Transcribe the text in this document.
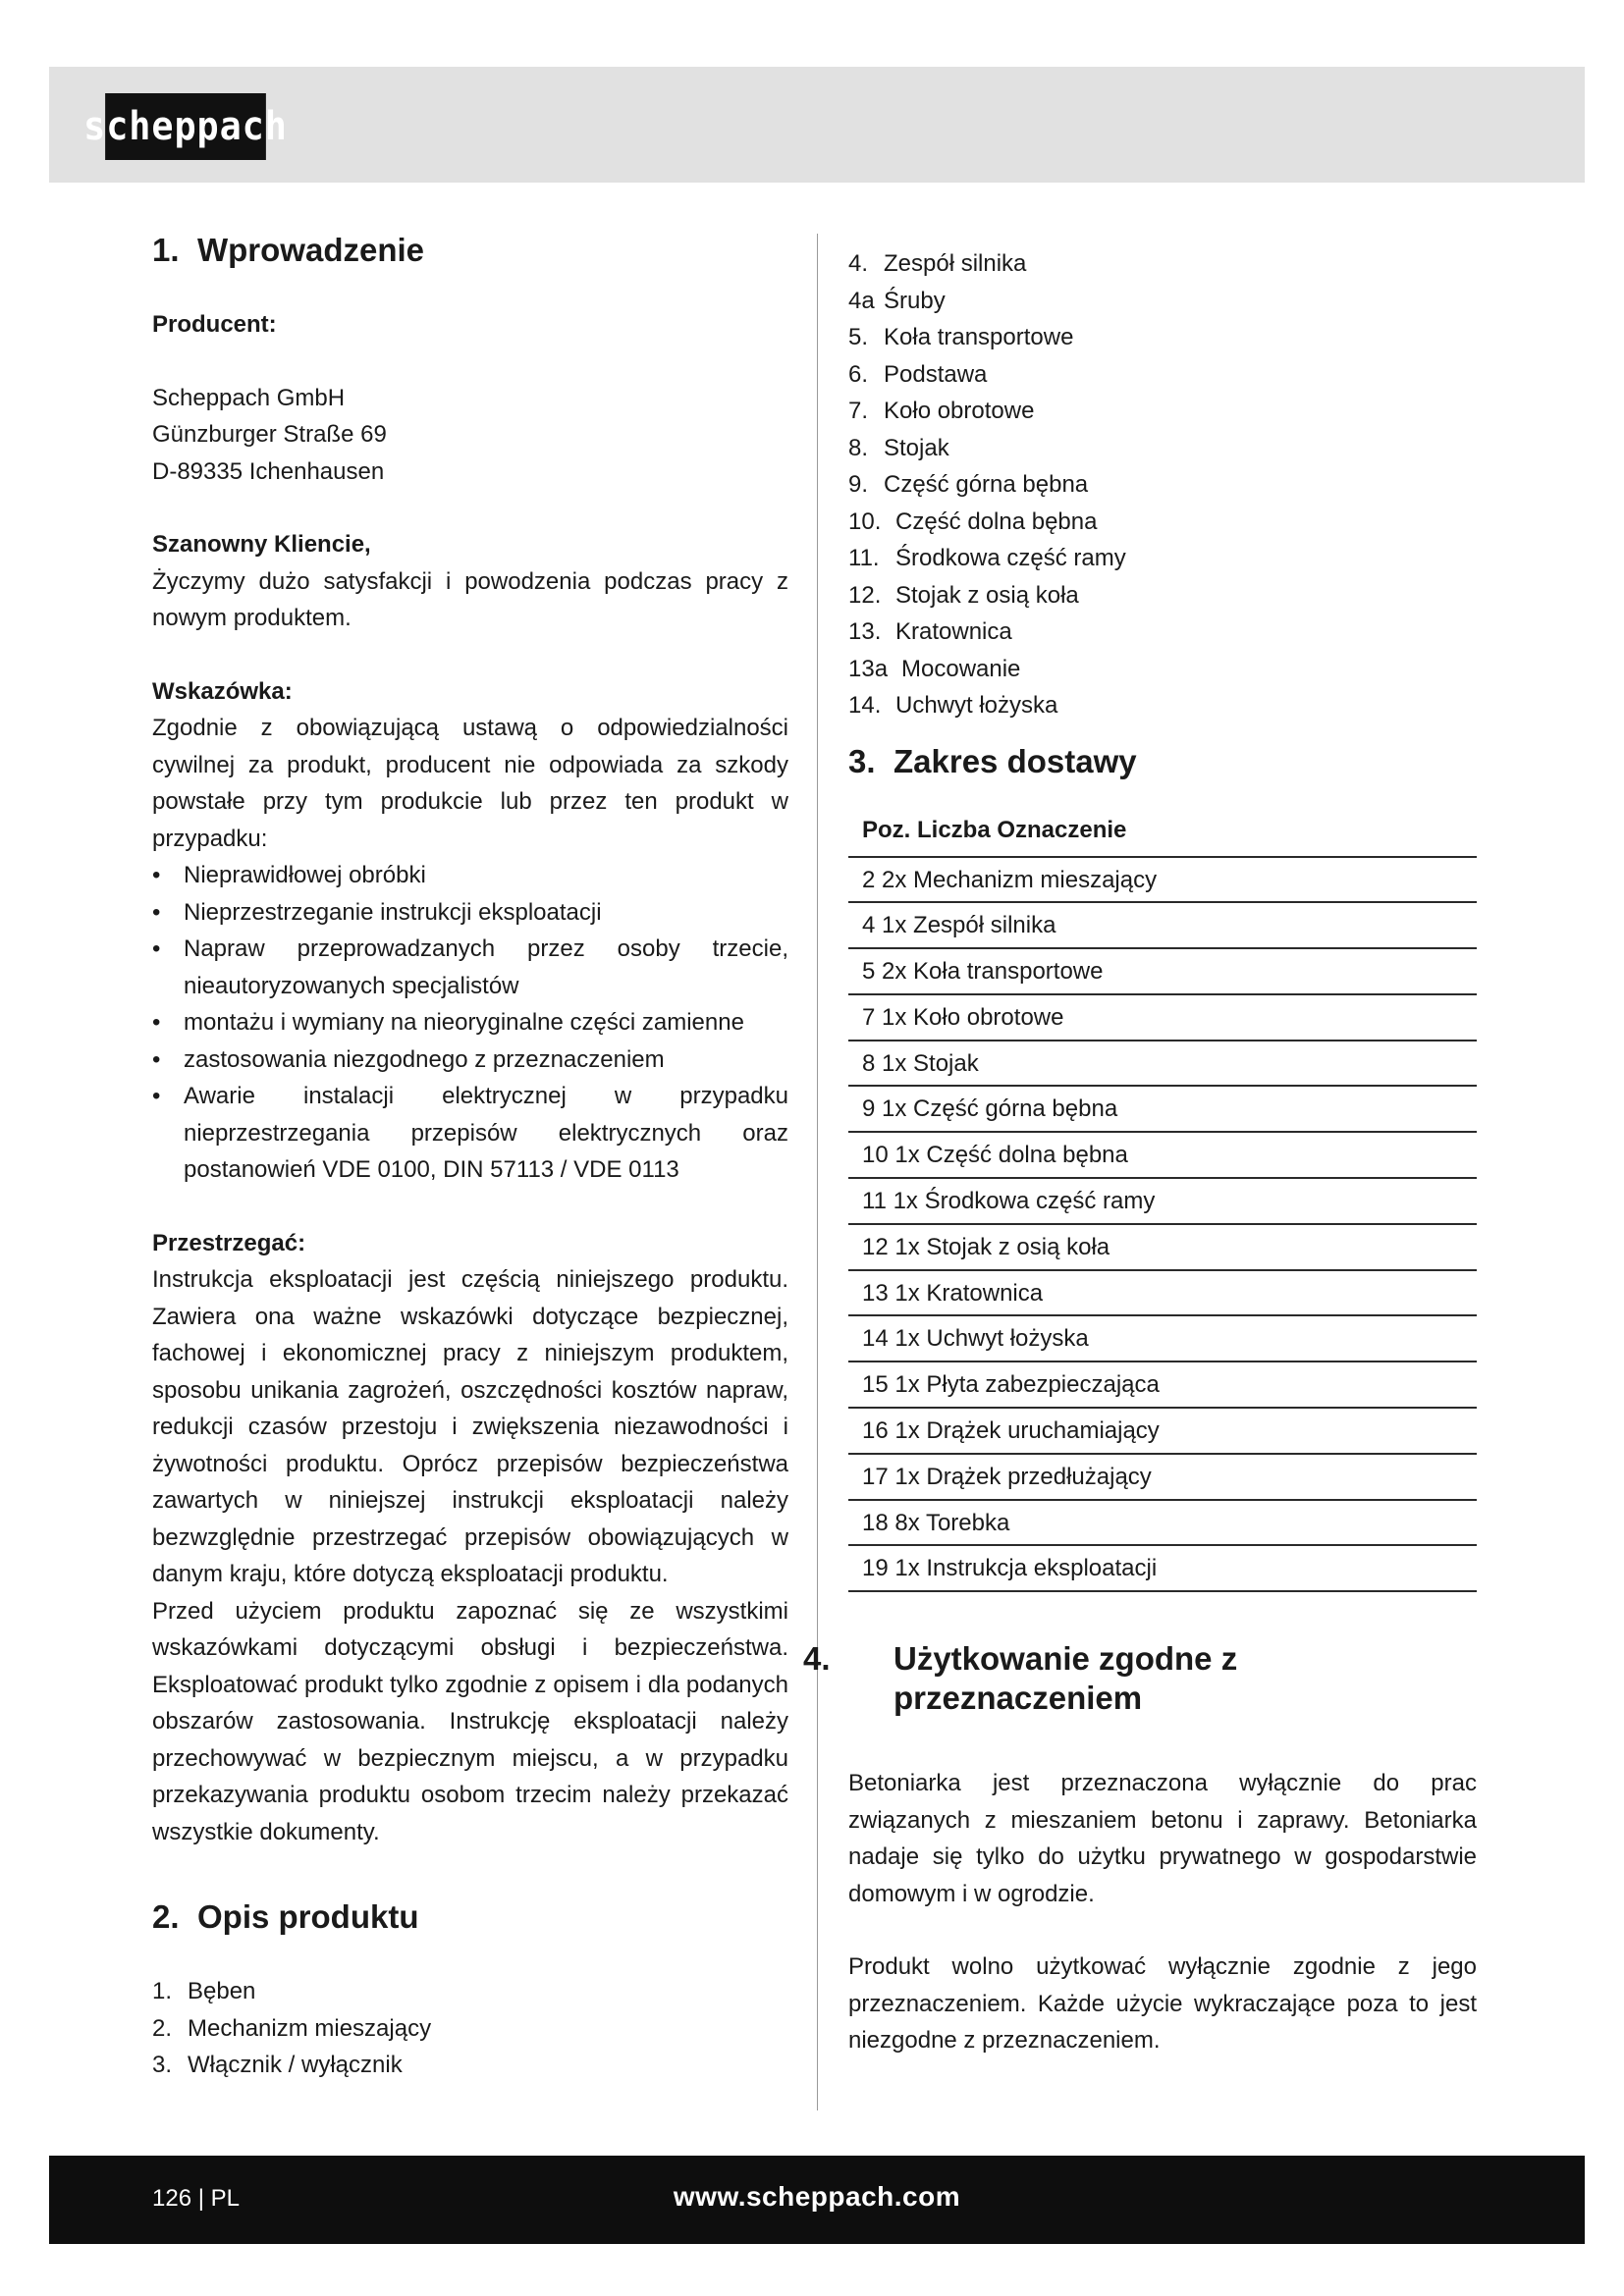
scheppach
1. Wprowadzenie

Producent:

Scheppach GmbH

Günzburger Straße 69

D-89335 Ichenhausen

Szanowny Kliencie,

Życzymy dużo satysfakcji i powodzenia podczas pracy z nowym produktem.

Wskazówka:

Zgodnie z obowiązującą ustawą o odpowiedzialności cywilnej za produkt, producent nie odpowiada za szkody powstałe przy tym produkcie lub przez ten produkt w przypadku:

• Nieprawidłowej obróbki
• Nieprzestrzeganie instrukcji eksploatacji
• Napraw przeprowadzanych przez osoby trzecie, nieautoryzowanych specjalistów
• montażu i wymiany na nieoryginalne części zamienne
• zastosowania niezgodnego z przeznaczeniem
• Awarie instalacji elektrycznej w przypadku nieprzestrzegania przepisów elektrycznych oraz postanowień VDE 0100, DIN 57113 / VDE 0113

Przestrzegać:

Instrukcja eksploatacji jest częścią niniejszego produktu. Zawiera ona ważne wskazówki dotyczące bezpiecznej, fachowej i ekonomicznej pracy z niniejszym produktem, sposobu unikania zagrożeń, oszczędności kosztów napraw, redukcji czasów przestoju i zwiększenia niezawodności i żywotności produktu. Oprócz przepisów bezpieczeństwa zawartych w niniejszej instrukcji eksploatacji należy bezwzględnie przestrzegać przepisów obowiązujących w danym kraju, które dotyczą eksploatacji produktu.

Przed użyciem produktu zapoznać się ze wszystkimi wskazówkami dotyczącymi obsługi i bezpieczeństwa. Eksploatować produkt tylko zgodnie z opisem i dla podanych obszarów zastosowania. Instrukcję eksploatacji należy przechowywać w bezpiecznym miejscu, a w przypadku przekazywania produktu osobom trzecim należy przekazać wszystkie dokumenty.

2. Opis produktu
1. Bęben
2. Mechanizm mieszający
3. Włącznik / wyłącznik
4. Zespół silnika
4a Śruby
5. Koła transportowe
6. Podstawa
7. Koło obrotowe
8. Stojak
9. Część górna bębna
10. Część dolna bębna
11. Środkowa część ramy
12. Stojak z osią koła
13. Kratownica
13a Mocowanie
14. Uchwyt łożyska
3. Zakres dostawy
Poz. Liczba Oznaczenie
2 2x Mechanizm mieszający
4 1x Zespół silnika
5 2x Koła transportowe
7 1x Koło obrotowe
8 1x Stojak
9 1x Część górna bębna
10 1x Część dolna bębna
11 1x Środkowa część ramy
12 1x Stojak z osią koła
13 1x Kratownica
14 1x Uchwyt łożyska
15 1x Płyta zabezpieczająca
16 1x Drążek uruchamiający
17 1x Drążek przedłużający
18 8x Torebka
19 1x Instrukcja eksploatacji
4. Użytkowanie zgodne z przeznaczeniem

Betoniarka jest przeznaczona wyłącznie do prac związanych z mieszaniem betonu i zaprawy. Betoniarka nadaje się tylko do użytku prywatnego w gospodarstwie domowym i w ogrodzie.

Produkt wolno użytkować wyłącznie zgodnie z jego przeznaczeniem. Każde użycie wykraczające poza to jest niezgodne z przeznaczeniem.

126 | PL	www.scheppach.com
